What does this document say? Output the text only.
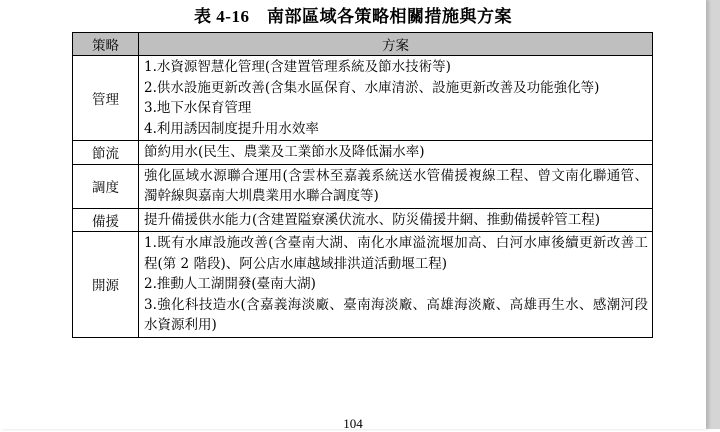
表 4-16　南部區域各策略相關措施與方案
策略	方案
管理	1.水資源智慧化管理(含建置管理系統及節水技術等)
2.供水設施更新改善(含集水區保育、水庫清淤、設施更新改善及功能強化等)
3.地下水保育管理
4.利用誘因制度提升用水效率

節流	節約用水(民生、農業及工業節水及降低漏水率)

調度	強化區域水源聯合運用(含雲林至嘉義系統送水管備援複線工程、曾文南化聯通管、濁幹線與嘉南大圳農業用水聯合調度等)

備援	提升備援供水能力(含建置隘寮溪伏流水、防災備援井網、推動備援幹管工程)

開源	1.既有水庫設施改善(含臺南大湖、南化水庫溢流堰加高、白河水庫後續更新改善工程(第 2 階段)、阿公店水庫越域排洪道活動堰工程)
2.推動人工湖開發(臺南大湖)
3.強化科技造水(含嘉義海淡廠、臺南海淡廠、高雄海淡廠、高雄再生水、感潮河段水資源利用)
104
